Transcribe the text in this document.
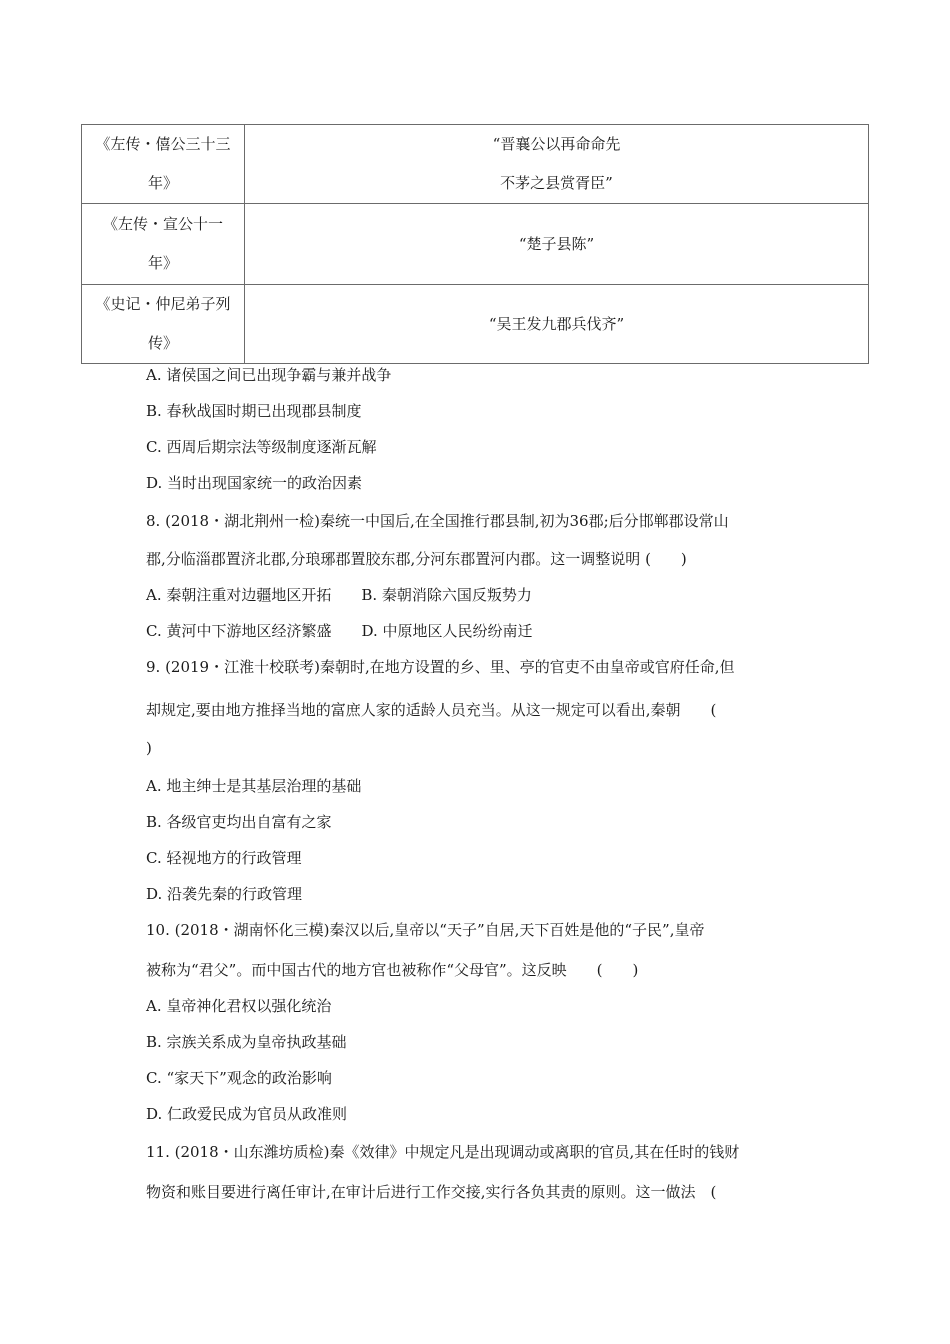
《左传・僖公三十三
年》	“晋襄公以再命命先
不茅之县赏胥臣”

《左传・宣公十一
年》	“楚子县陈”

《史记・仲尼弟子列
传》	“吴王发九郡兵伐齐”
A. 诸侯国之间已出现争霸与兼并战争
B. 春秋战国时期已出现郡县制度
C. 西周后期宗法等级制度逐渐瓦解
D. 当时出现国家统一的政治因素
8. (2018・湖北荆州一检)秦统一中国后,在全国推行郡县制,初为36郡;后分邯郸郡设常山
郡,分临淄郡置济北郡,分琅琊郡置胶东郡,分河东郡置河内郡。这一调整说明 (　　)
A. 秦朝注重对边疆地区开拓　　B. 秦朝消除六国反叛势力
C. 黄河中下游地区经济繁盛　　D. 中原地区人民纷纷南迁
9. (2019・江淮十校联考)秦朝时,在地方设置的乡、里、亭的官吏不由皇帝或官府任命,但
却规定,要由地方推择当地的富庶人家的适龄人员充当。从这一规定可以看出,秦朝　　(
)
A. 地主绅士是其基层治理的基础
B. 各级官吏均出自富有之家
C. 轻视地方的行政管理
D. 沿袭先秦的行政管理
10. (2018・湖南怀化三模)秦汉以后,皇帝以“天子”自居,天下百姓是他的“子民”,皇帝
被称为“君父”。而中国古代的地方官也被称作“父母官”。这反映　　(　　)
A. 皇帝神化君权以强化统治
B. 宗族关系成为皇帝执政基础
C. “家天下”观念的政治影响
D. 仁政爱民成为官员从政准则
11. (2018・山东潍坊质检)秦《效律》中规定凡是出现调动或离职的官员,其在任时的钱财
物资和账目要进行离任审计,在审计后进行工作交接,实行各负其责的原则。这一做法　(
